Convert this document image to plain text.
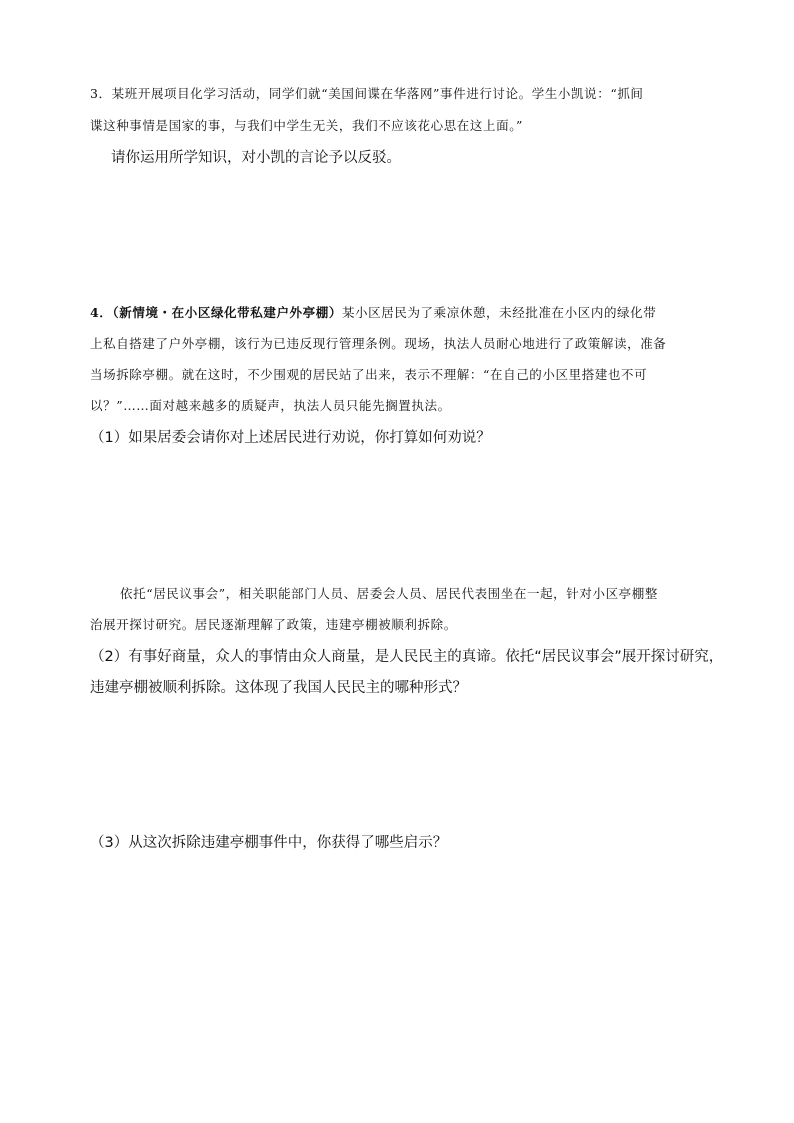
3．某班开展项目化学习活动，同学们就“美国间谍在华落网”事件进行讨论。学生小凯说：“抓间

谍这种事情是国家的事，与我们中学生无关，我们不应该花心思在这上面。”

请你运用所学知识，对小凯的言论予以反驳。

4．（新情境・在小区绿化带私建户外亭棚）某小区居民为了乘凉休憩，未经批准在小区内的绿化带

上私自搭建了户外亭棚，该行为已违反现行管理条例。现场，执法人员耐心地进行了政策解读，准备

当场拆除亭棚。就在这时，不少围观的居民站了出来，表示不理解：“在自己的小区里搭建也不可

以？”……面对越来越多的质疑声，执法人员只能先搁置执法。

（1）如果居委会请你对上述居民进行劝说，你打算如何劝说？

依托“居民议事会”，相关职能部门人员、居委会人员、居民代表围坐在一起，针对小区亭棚整

治展开探讨研究。居民逐渐理解了政策，违建亭棚被顺利拆除。

（2）有事好商量，众人的事情由众人商量，是人民民主的真谛。依托“居民议事会”展开探讨研究，

违建亭棚被顺利拆除。这体现了我国人民民主的哪种形式？

（3）从这次拆除违建亭棚事件中，你获得了哪些启示？
